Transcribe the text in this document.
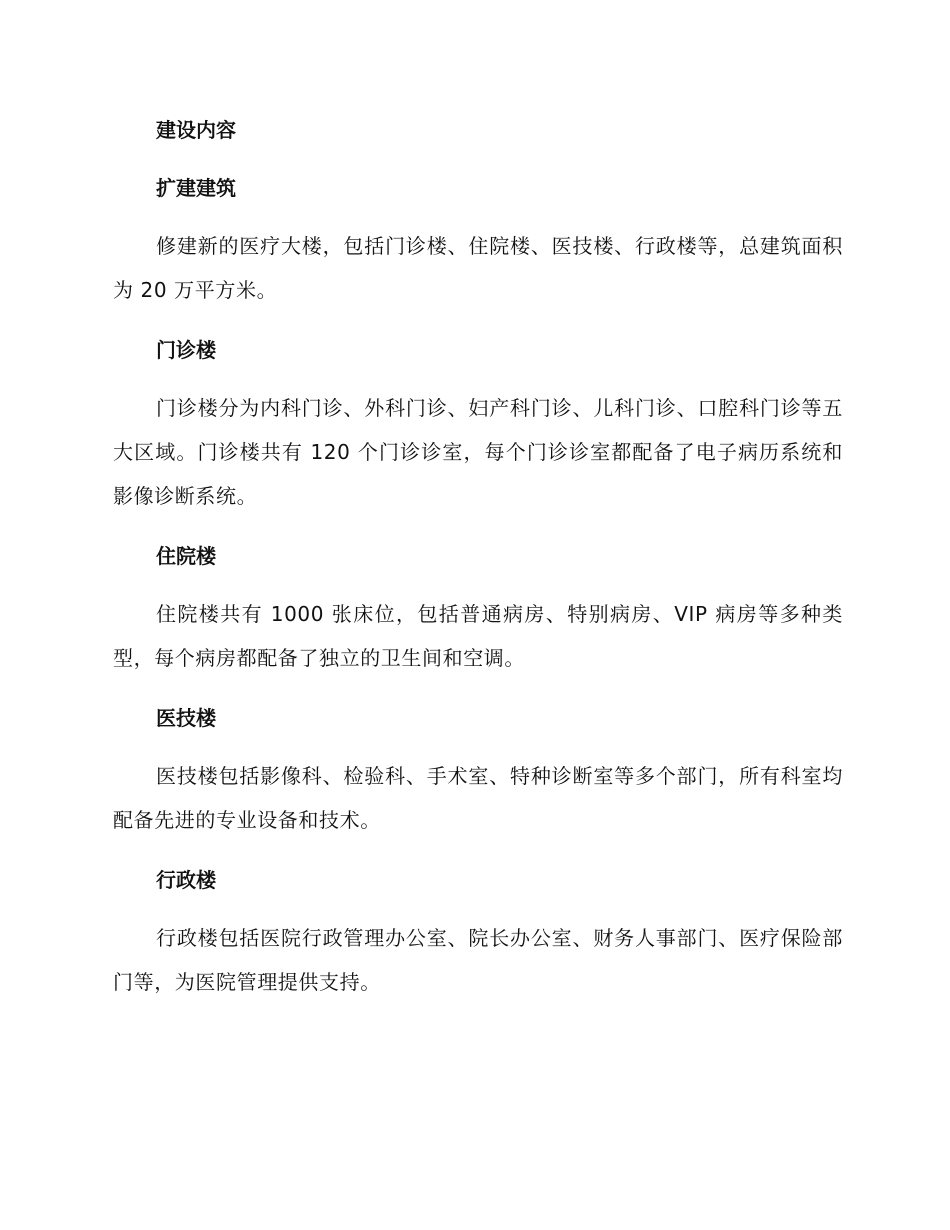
建设内容
扩建建筑

修建新的医疗大楼，包括门诊楼、住院楼、医技楼、行政楼等，总建筑面积为 20 万平方米。

门诊楼

门诊楼分为内科门诊、外科门诊、妇产科门诊、儿科门诊、口腔科门诊等五大区域。门诊楼共有 120 个门诊诊室，每个门诊诊室都配备了电子病历系统和影像诊断系统。

住院楼

住院楼共有 1000 张床位，包括普通病房、特别病房、VIP 病房等多种类型，每个病房都配备了独立的卫生间和空调。

医技楼

医技楼包括影像科、检验科、手术室、特种诊断室等多个部门，所有科室均配备先进的专业设备和技术。

行政楼

行政楼包括医院行政管理办公室、院长办公室、财务人事部门、医疗保险部门等，为医院管理提供支持。
